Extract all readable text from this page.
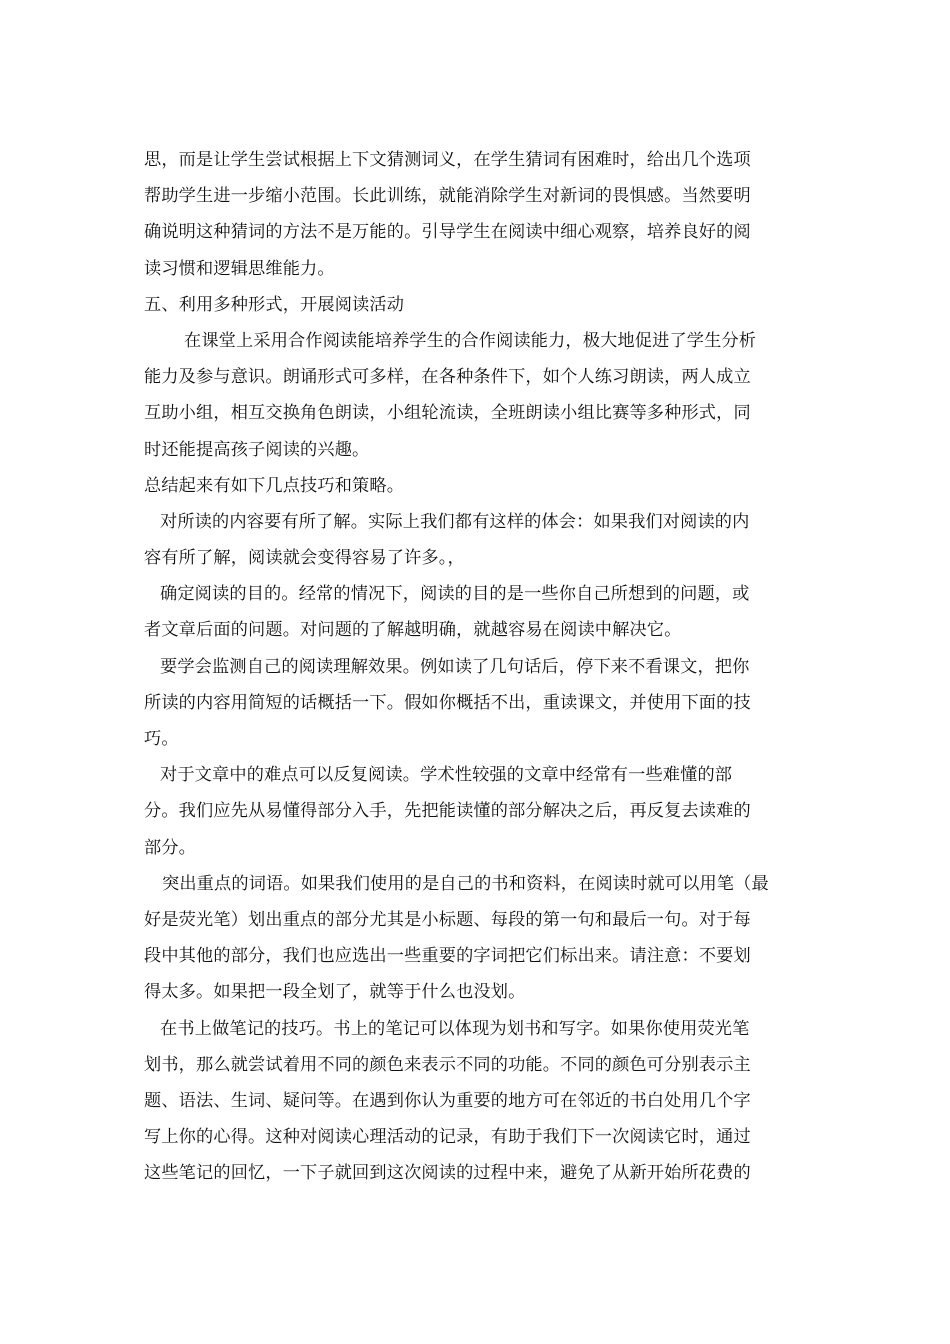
思，而是让学生尝试根据上下文猜测词义，在学生猜词有困难时，给出几个选项
帮助学生进一步缩小范围。长此训练，就能消除学生对新词的畏惧感。当然要明
确说明这种猜词的方法不是万能的。引导学生在阅读中细心观察，培养良好的阅
读习惯和逻辑思维能力。
五、利用多种形式，开展阅读活动
在课堂上采用合作阅读能培养学生的合作阅读能力，极大地促进了学生分析
能力及参与意识。朗诵形式可多样，在各种条件下，如个人练习朗读，两人成立
互助小组，相互交换角色朗读，小组轮流读，全班朗读小组比赛等多种形式，同
时还能提高孩子阅读的兴趣。
总结起来有如下几点技巧和策略。
对所读的内容要有所了解。实际上我们都有这样的体会：如果我们对阅读的内
容有所了解，阅读就会变得容易了许多。，
确定阅读的目的。经常的情况下，阅读的目的是一些你自己所想到的问题，或
者文章后面的问题。对问题的了解越明确，就越容易在阅读中解决它。
要学会监测自己的阅读理解效果。例如读了几句话后，停下来不看课文，把你
所读的内容用简短的话概括一下。假如你概括不出，重读课文，并使用下面的技
巧。
对于文章中的难点可以反复阅读。学术性较强的文章中经常有一些难懂的部
分。我们应先从易懂得部分入手，先把能读懂的部分解决之后，再反复去读难的
部分。
突出重点的词语。如果我们使用的是自己的书和资料，在阅读时就可以用笔（最
好是荧光笔）划出重点的部分尤其是小标题、每段的第一句和最后一句。对于每
段中其他的部分，我们也应选出一些重要的字词把它们标出来。请注意：不要划
得太多。如果把一段全划了，就等于什么也没划。
在书上做笔记的技巧。书上的笔记可以体现为划书和写字。如果你使用荧光笔
划书，那么就尝试着用不同的颜色来表示不同的功能。不同的颜色可分别表示主
题、语法、生词、疑问等。在遇到你认为重要的地方可在邻近的书白处用几个字
写上你的心得。这种对阅读心理活动的记录，有助于我们下一次阅读它时，通过
这些笔记的回忆，一下子就回到这次阅读的过程中来，避免了从新开始所花费的
